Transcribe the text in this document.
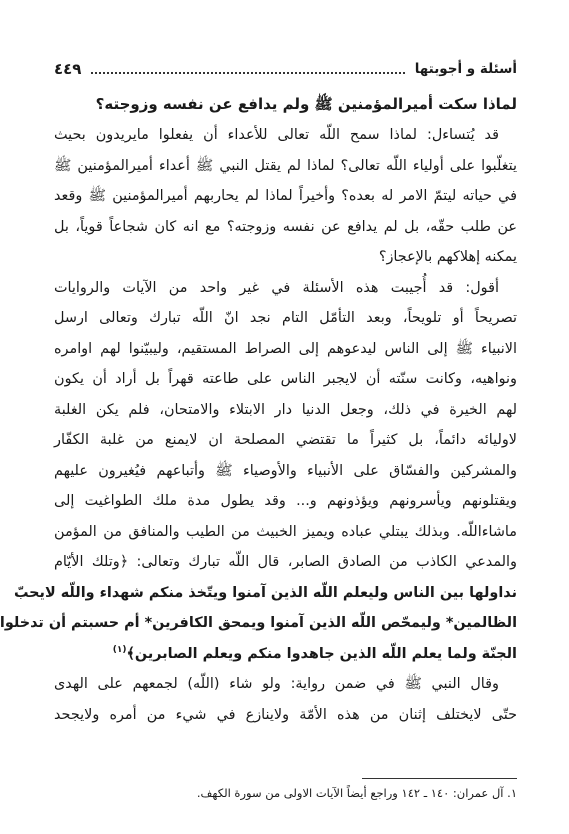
أسئلة و أجوبتها
٤٤٩
لماذا سكت أميرالمؤمنين ﷺ ولم يدافع عن نفسه وزوجته؟
قد يُتساءل: لماذا سمح اللّه تعالى للأعداء أن يفعلوا مايريدون بحيث
يتغلّبوا على أولياء اللّه تعالى؟ لماذا لم يقتل النبي ﷺ أعداء أميرالمؤمنين ﷺ
في حياته ليتمّ الامر له بعده؟ وأخيراً لماذا لم يحاربهم أميرالمؤمنين ﷺ وقعد
عن طلب حقّه، بل لم يدافع عن نفسه وزوجته؟ مع انه كان شجاعاً قوياً، بل
يمكنه إهلاكهم بالإعجاز؟
أقول: قد أُجيبت هذه الأسئلة في غير واحد من الآيات والروايات
تصريحاً أو تلويحاً، وبعد التأمّل التام نجد انّ اللّه تبارك وتعالى ارسل
الانبياء ﷺ إلى الناس ليدعوهم إلى الصراط المستقيم، وليبيّنوا لهم اوامره
ونواهيه، وكانت سنّته أن لايجبر الناس على طاعته قهراً بل أراد أن يكون
لهم الخيرة في ذلك، وجعل الدنيا دار الابتلاء والامتحان، فلم يكن الغلبة
لاوليائه دائماً، بل كثيراً ما تقتضي المصلحة ان لايمنع من غلبة الكفّار
والمشركين والفسّاق على الأنبياء والأوصياء ﷺ وأتباعهم فيُغيرون عليهم
ويقتلونهم ويأسرونهم ويؤذونهم و... وقد يطول مدة ملك الطواغيت إلى
ماشاءاللّه. وبذلك يبتلي عباده ويميز الخبيث من الطيب والمنافق من المؤمن
والمدعي الكاذب من الصادق الصابر، قال اللّه تبارك وتعالى: ﴿وتلك الأيّام
نداولها بين الناس وليعلم اللّه الذين آمنوا ويتّخذ منكم شهداء واللّه لايحبّ
الظالمين* وليمحّص اللّه الذين آمنوا ويمحق الكافرين* أم حسبتم أن تدخلوا
الجنّة ولما يعلم اللّه الذين جاهدوا منكم ويعلم الصابرين﴾$^{(١)}$
وقال النبي ﷺ في ضمن رواية: ولو شاء (اللّه) لجمعهم على الهدى
حتّى لايختلف إثنان من هذه الأمّة ولاينازع في شيء من أمره ولايجحد
١. آل عمران: ١٤٠ ـ ١٤٢ وراجع أيضاً الآيات الاولى من سورة الكهف.
